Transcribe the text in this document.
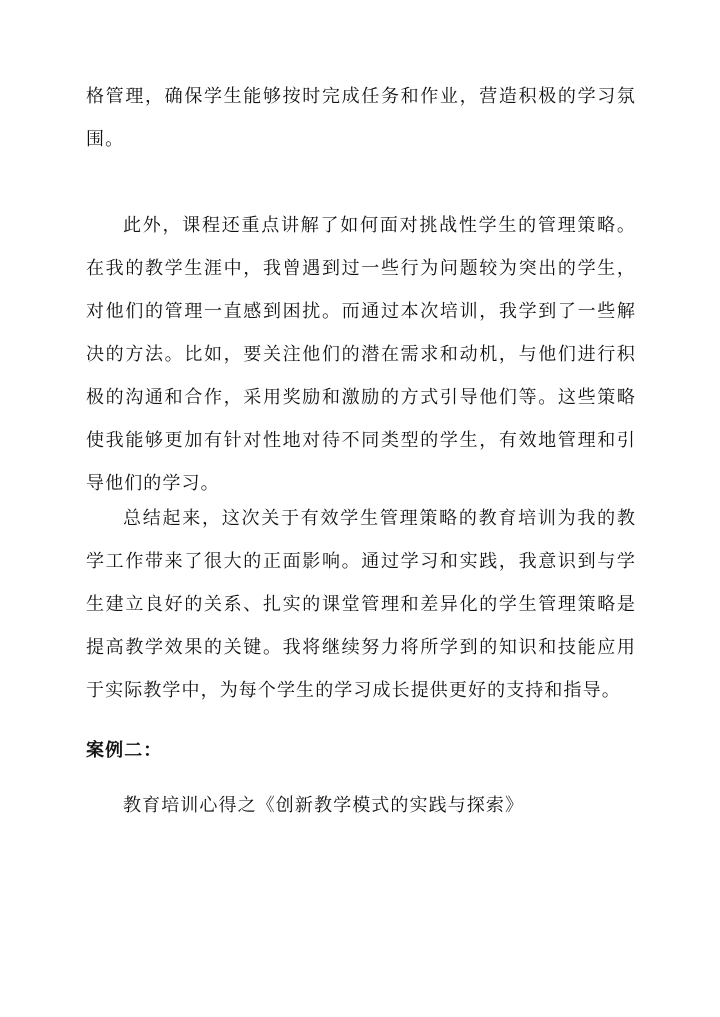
格管理，确保学生能够按时完成任务和作业，营造积极的学习氛围。

此外，课程还重点讲解了如何面对挑战性学生的管理策略。在我的教学生涯中，我曾遇到过一些行为问题较为突出的学生，对他们的管理一直感到困扰。而通过本次培训，我学到了一些解决的方法。比如，要关注他们的潜在需求和动机，与他们进行积极的沟通和合作，采用奖励和激励的方式引导他们等。这些策略使我能够更加有针对性地对待不同类型的学生，有效地管理和引导他们的学习。

总结起来，这次关于有效学生管理策略的教育培训为我的教学工作带来了很大的正面影响。通过学习和实践，我意识到与学生建立良好的关系、扎实的课堂管理和差异化的学生管理策略是提高教学效果的关键。我将继续努力将所学到的知识和技能应用于实际教学中，为每个学生的学习成长提供更好的支持和指导。

案例二：

教育培训心得之《创新教学模式的实践与探索》
